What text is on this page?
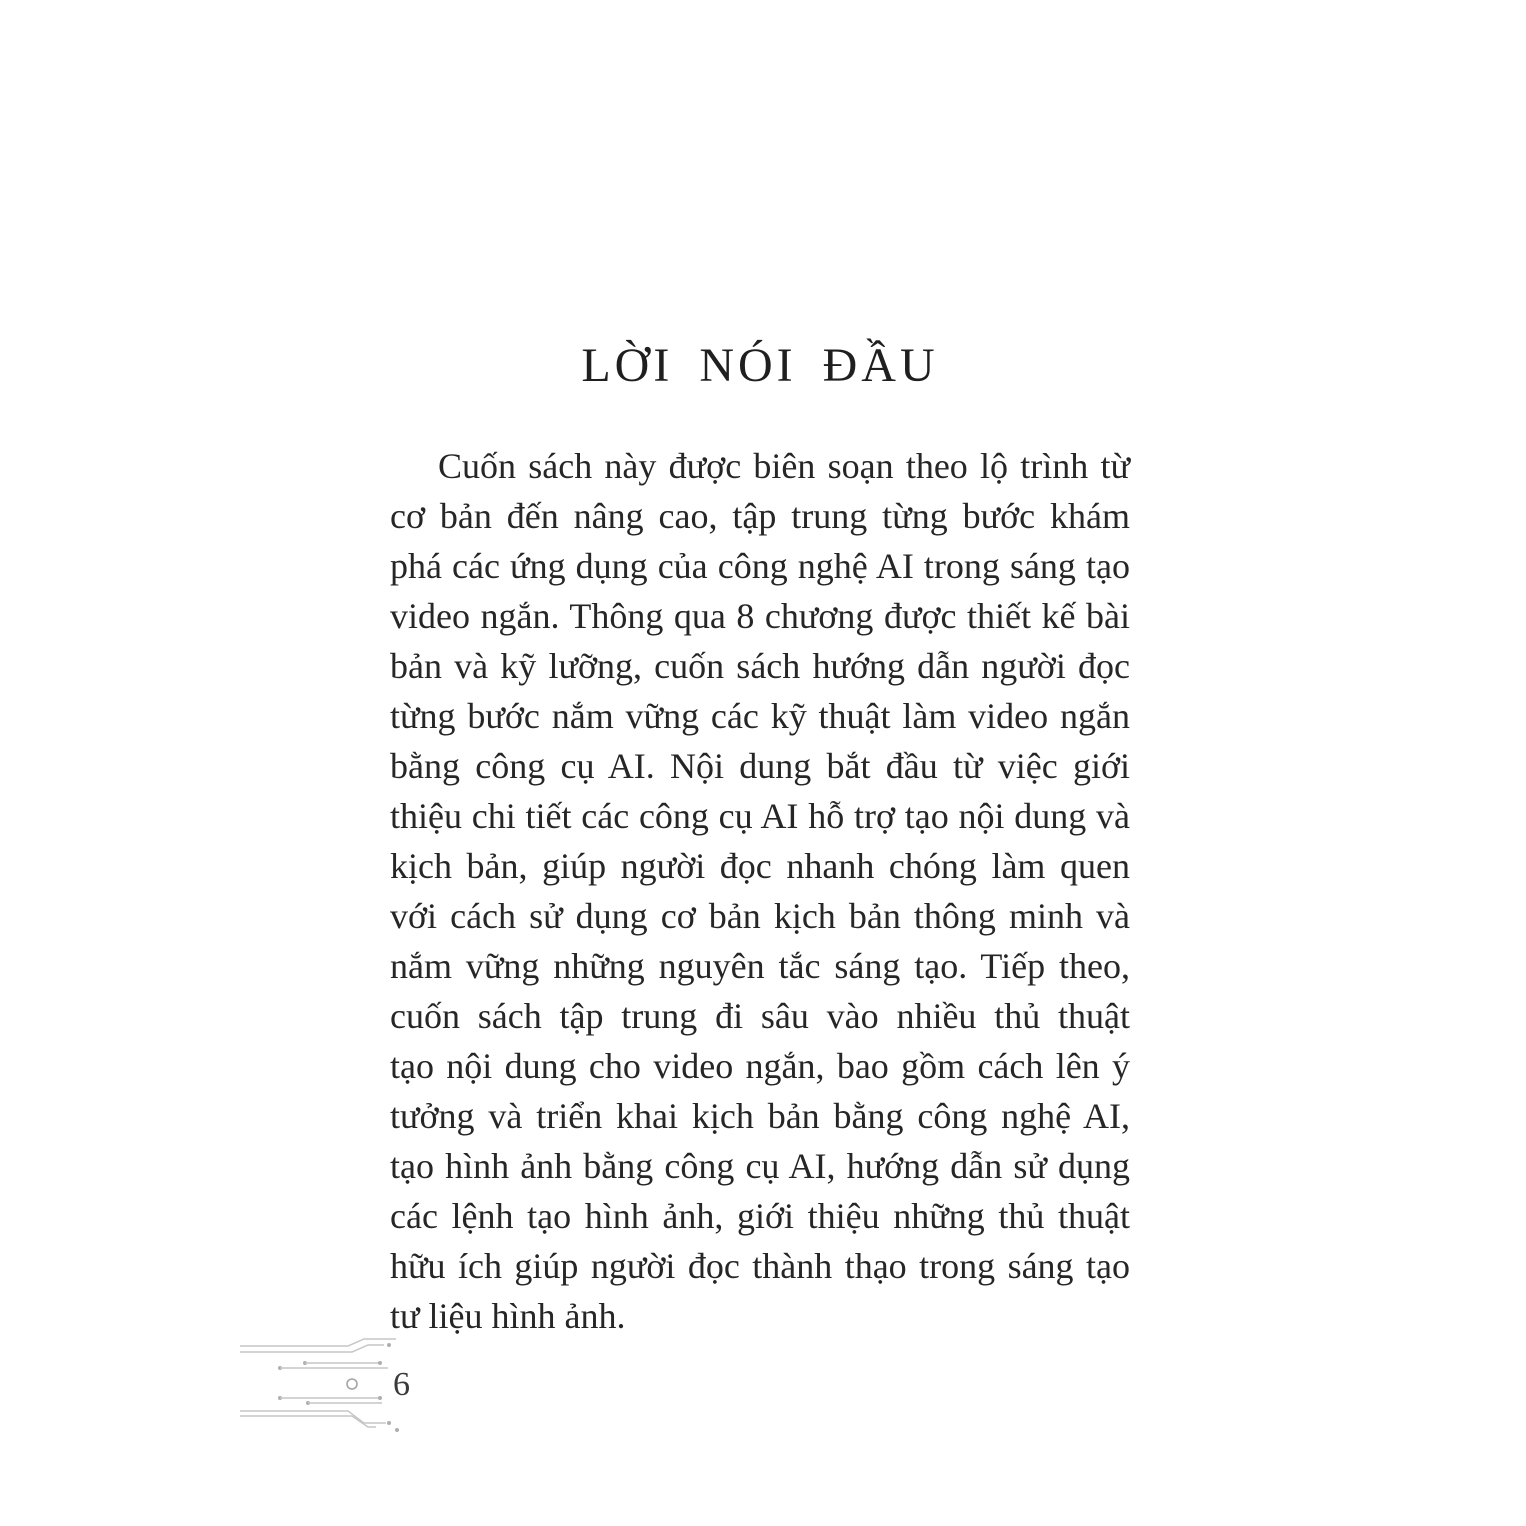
LỜI NÓI ĐẦU
Cuốn sách này được biên soạn theo lộ trình từ
cơ bản đến nâng cao, tập trung từng bước khám
phá các ứng dụng của công nghệ AI trong sáng tạo
video ngắn. Thông qua 8 chương được thiết kế bài
bản và kỹ lưỡng, cuốn sách hướng dẫn người đọc
từng bước nắm vững các kỹ thuật làm video ngắn
bằng công cụ AI. Nội dung bắt đầu từ việc giới
thiệu chi tiết các công cụ AI hỗ trợ tạo nội dung và
kịch bản, giúp người đọc nhanh chóng làm quen
với cách sử dụng cơ bản kịch bản thông minh và
nắm vững những nguyên tắc sáng tạo. Tiếp theo,
cuốn sách tập trung đi sâu vào nhiều thủ thuật
tạo nội dung cho video ngắn, bao gồm cách lên ý
tưởng và triển khai kịch bản bằng công nghệ AI,
tạo hình ảnh bằng công cụ AI, hướng dẫn sử dụng
các lệnh tạo hình ảnh, giới thiệu những thủ thuật
hữu ích giúp người đọc thành thạo trong sáng tạo
tư liệu hình ảnh.
6
